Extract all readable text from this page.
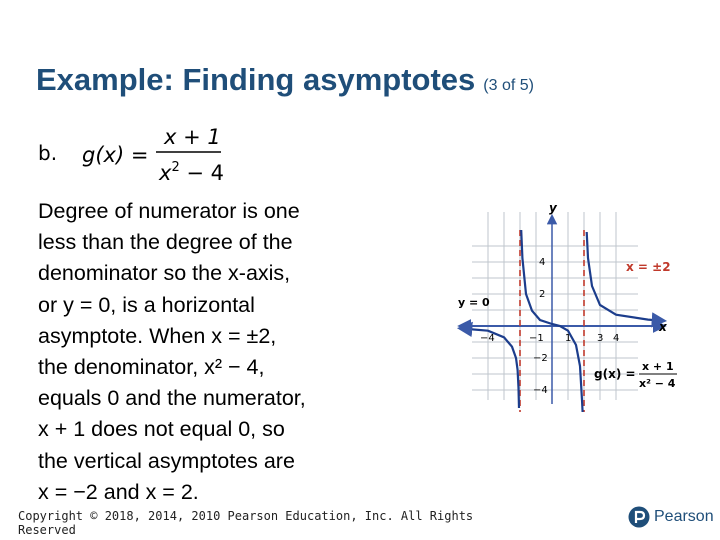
Example: Finding asymptotes (3 of 5)
b. g(x) =
x + 1
$x^2 - 4$
Degree of numerator is one
less than the degree of the
denominator so the x-axis,
or y = 0, is a horizontal
asymptote. When x = ±2,
the denominator, x² − 4,
equals 0 and the numerator,
x + 1 does not equal 0, so
the vertical asymptotes are
x = −2 and x = 2.
−4	−1 1	3 4
4
2
−2
−4
x
y
y = 0
x = ±2
g(x) =
x + 1
x² − 4
Copyright © 2018, 2014, 2010 Pearson Education, Inc. All Rights Reserved
Pearson
